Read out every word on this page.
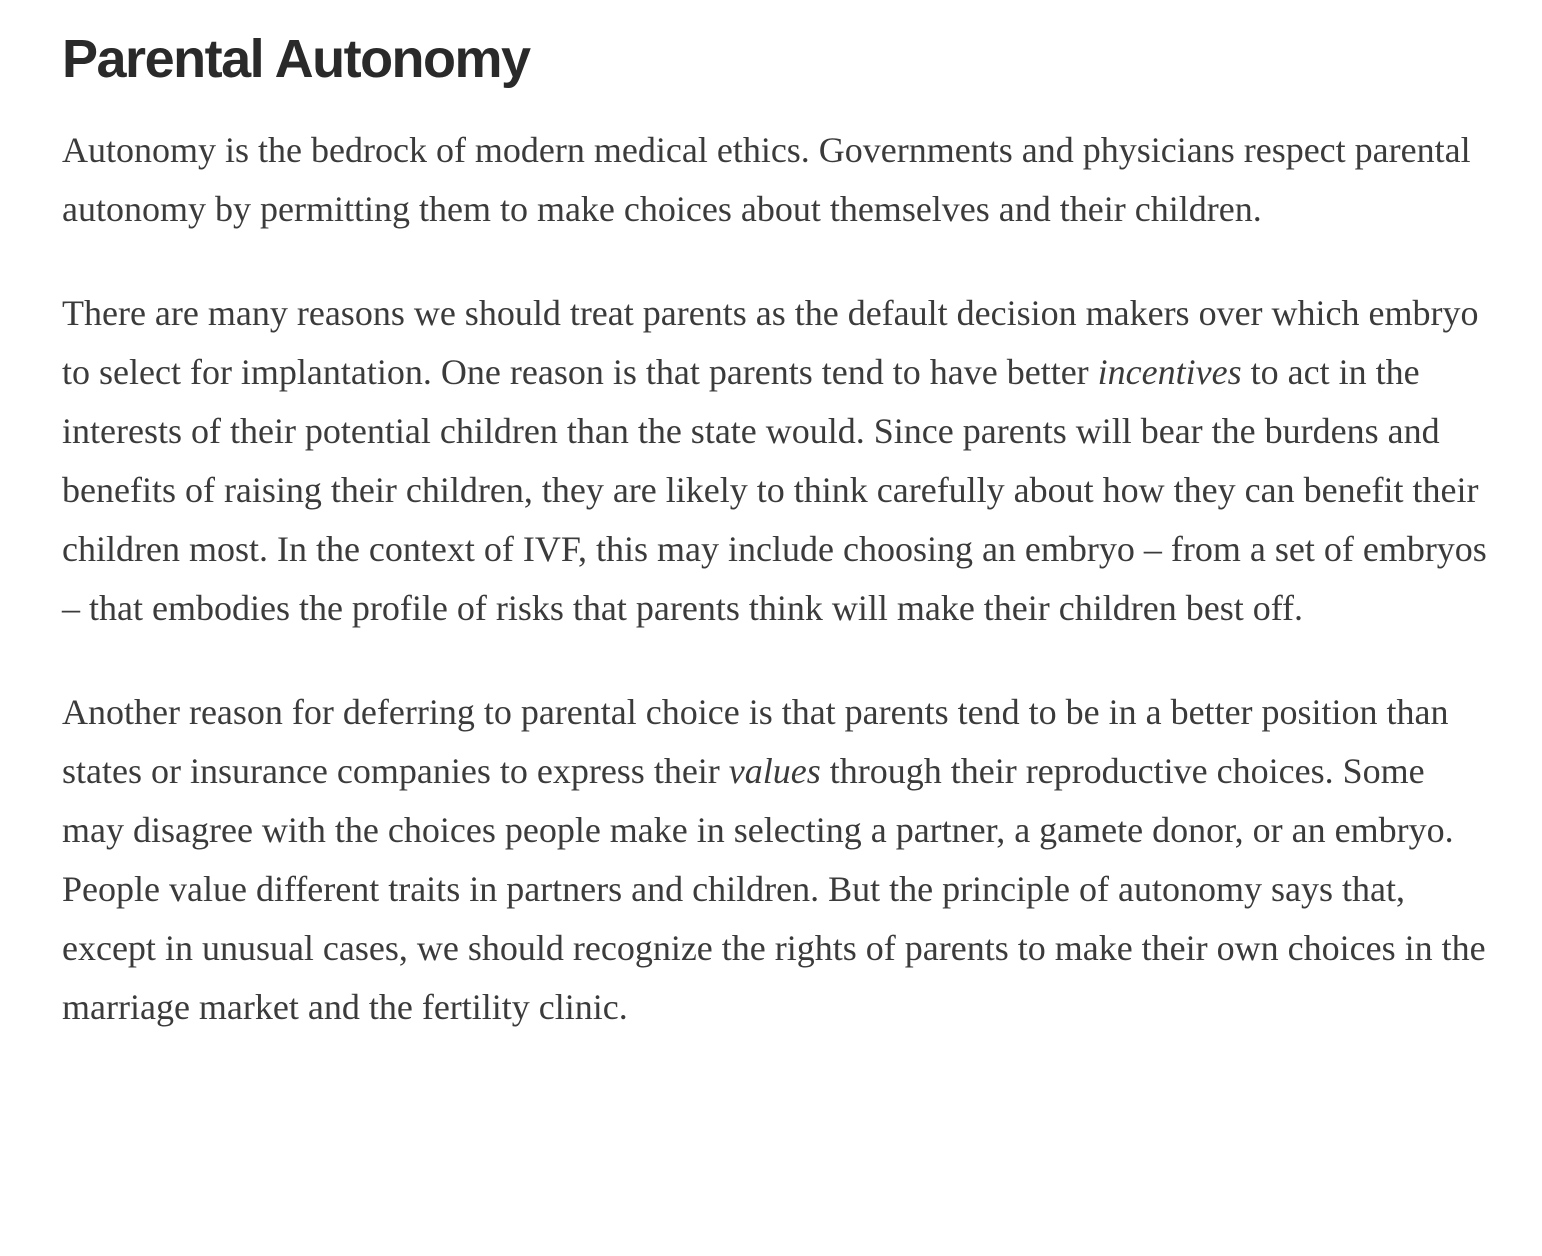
Parental Autonomy

Autonomy is the bedrock of modern medical ethics. Governments and physicians respect parental autonomy by permitting them to make choices about themselves and their children.

There are many reasons we should treat parents as the default decision makers over which embryo to select for implantation. One reason is that parents tend to have better incentives to act in the interests of their potential children than the state would. Since parents will bear the burdens and benefits of raising their children, they are likely to think carefully about how they can benefit their children most. In the context of IVF, this may include choosing an embryo – from a set of embryos – that embodies the profile of risks that parents think will make their children best off.

Another reason for deferring to parental choice is that parents tend to be in a better position than states or insurance companies to express their values through their reproductive choices. Some may disagree with the choices people make in selecting a partner, a gamete donor, or an embryo. People value different traits in partners and children. But the principle of autonomy says that, except in unusual cases, we should recognize the rights of parents to make their own choices in the marriage market and the fertility clinic.
